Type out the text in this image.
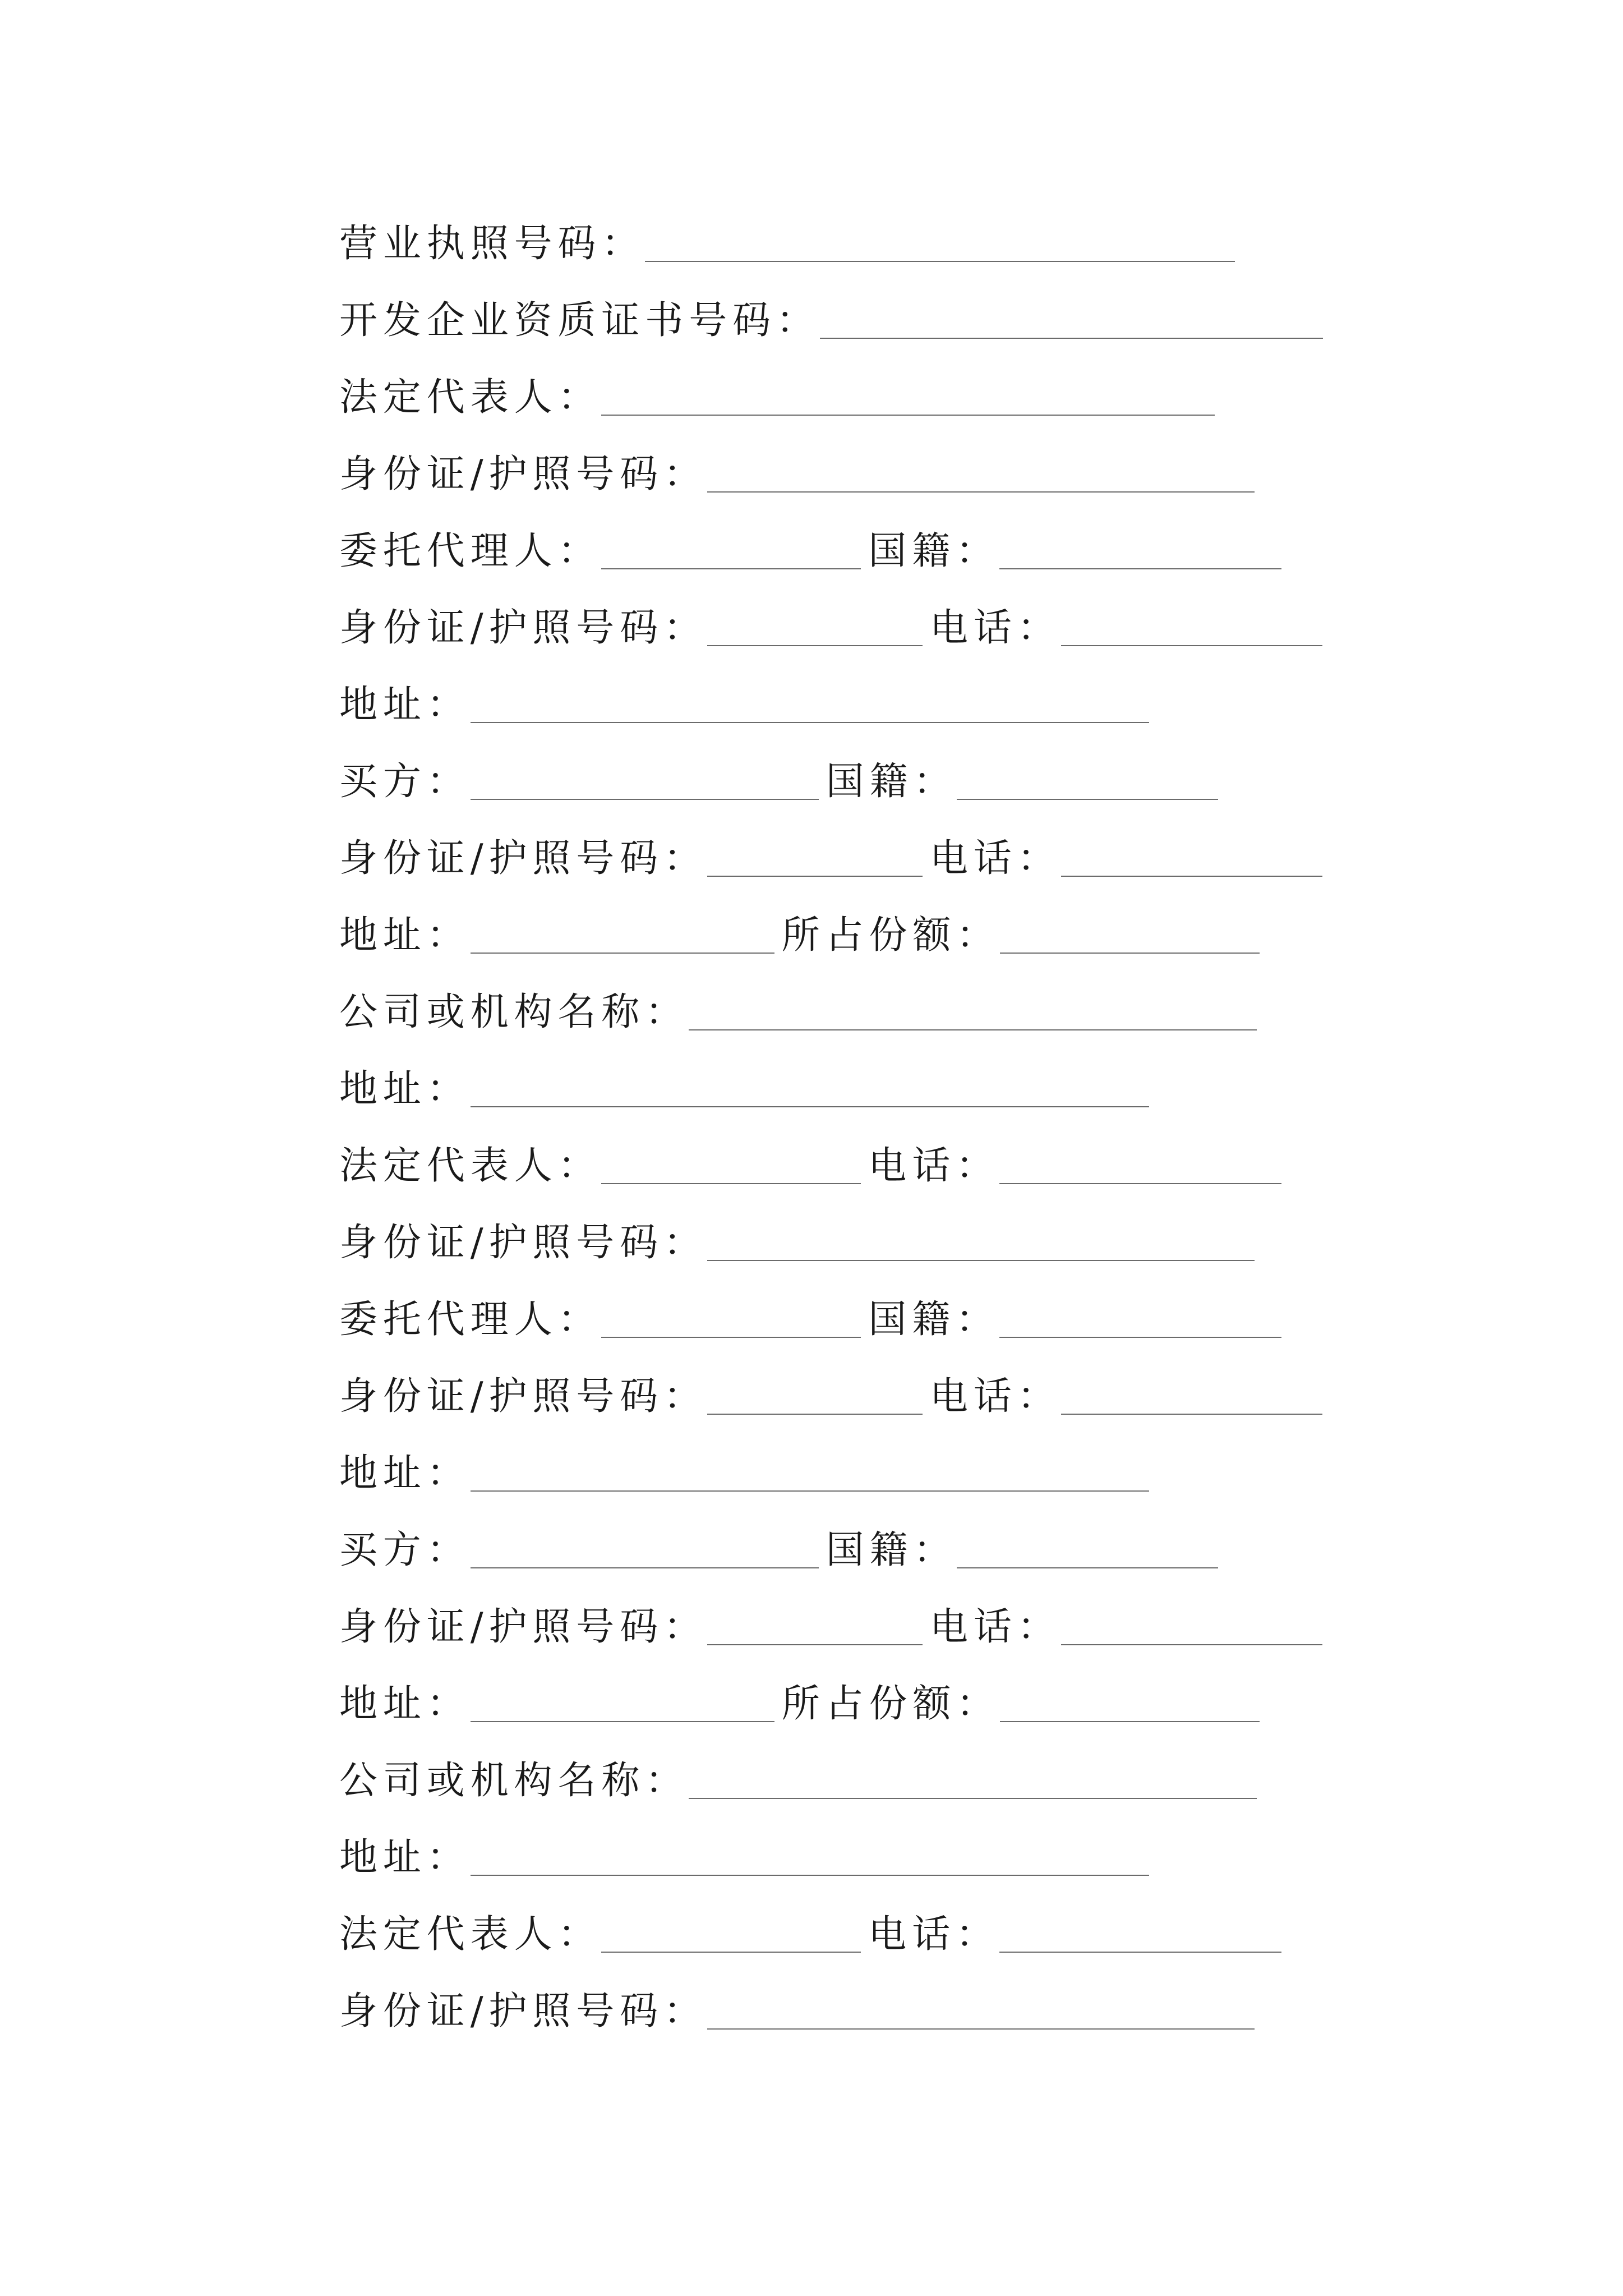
营业执照号码：
开发企业资质证书号码：
法定代表人：
身份证/护照号码：
委托代理人：	国籍：
身份证/护照号码：	电话：
地址：
买方：	国籍：
身份证/护照号码：	电话：
地址：	所占份额：
公司或机构名称：
地址：
法定代表人：	电话：
身份证/护照号码：
委托代理人：	国籍：
身份证/护照号码：	电话：
地址：
买方：	国籍：
身份证/护照号码：	电话：
地址：	所占份额：
公司或机构名称：
地址：
法定代表人：	电话：
身份证/护照号码：
